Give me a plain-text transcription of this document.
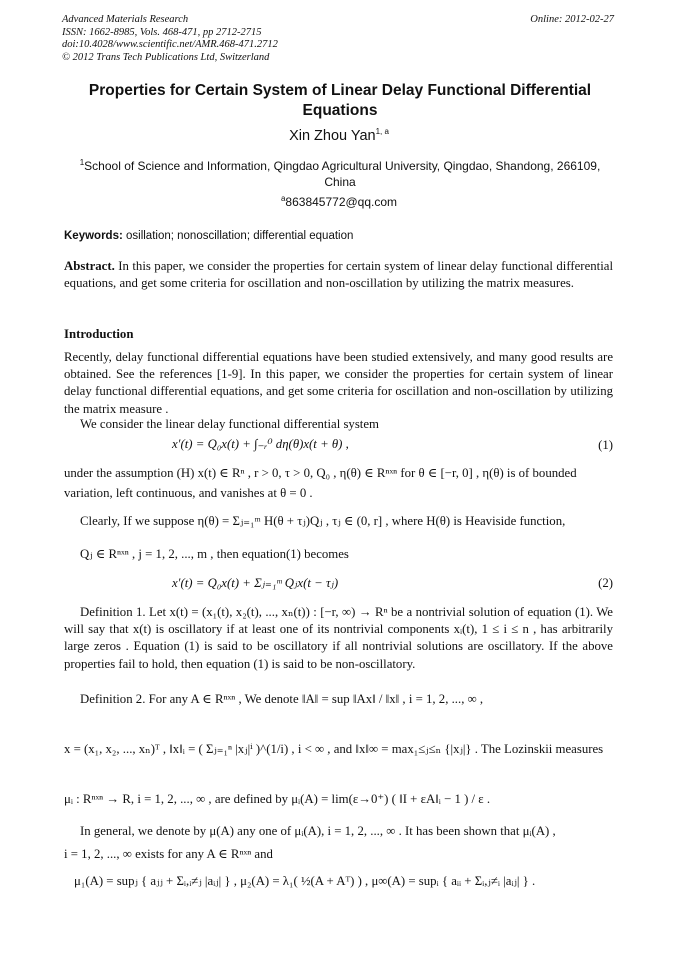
Advanced Materials Research
ISSN: 1662-8985, Vols. 468-471, pp 2712-2715
doi:10.4028/www.scientific.net/AMR.468-471.2712
© 2012 Trans Tech Publications Ltd, Switzerland
Online: 2012-02-27
Properties for Certain System of Linear Delay Functional Differential Equations
Xin Zhou Yan$^{1, a}$
$^1$School of Science and Information, Qingdao Agricultural University, Qingdao, Shandong, 266109, China
$^a$863845772@qq.com
Keywords: osillation; nonoscillation; differential equation
Abstract. In this paper, we consider the properties for certain system of linear delay functional differential equations, and get some criteria for oscillation and non-oscillation by utilizing the matrix measures.
Introduction
Recently, delay functional differential equations have been studied extensively, and many good results are obtained. See the references [1-9]. In this paper, we consider the properties for certain system of linear delay functional differential equations, and get some criteria for oscillation and non-oscillation by utilizing the matrix measure .
We consider the linear delay functional differential system
x′(t) = Q₀x(t) + ∫₋ᵣ⁰ dη(θ)x(t + θ) ,	(1)
under the assumption (H) x(t) ∈ Rⁿ , r > 0, τ > 0, Q₀ , η(θ) ∈ Rⁿˣⁿ for θ ∈ [−r, 0] , η(θ) is of bounded
variation, left continuous, and vanishes at θ = 0 .
Clearly, If we suppose η(θ) = Σⱼ₌₁ᵐ H(θ + τⱼ)Qⱼ , τⱼ ∈ (0, r] , where H(θ) is Heaviside function,
Qⱼ ∈ Rⁿˣⁿ , j = 1, 2, ..., m , then equation(1) becomes
x′(t) = Q₀x(t) + Σⱼ₌₁ᵐ Qⱼx(t − τⱼ)	(2)
Definition 1. Let x(t) = (x₁(t), x₂(t), ..., xₙ(t)) : [−r, ∞) → Rⁿ be a nontrivial solution of equation (1). We will say that x(t) is oscillatory if at least one of its nontrivial components xᵢ(t), 1 ≤ i ≤ n , has arbitrarily large zeros . Equation (1) is said to be oscillatory if all nontrivial solutions are oscillatory. If the above properties fail to hold, then equation (1) is said to be non-oscillatory.
Definition 2. For any A ∈ Rⁿˣⁿ , We denote ‖A‖ = sup ‖Ax‖ / ‖x‖ , i = 1, 2, ..., ∞ ,
x = (x₁, x₂, ..., xₙ)ᵀ , ‖x‖ᵢ = ( Σⱼ₌₁ⁿ |xⱼ|ⁱ )^(1/i) , i < ∞ , and ‖x‖∞ = max₁≤ⱼ≤ₙ {|xⱼ|} . The Lozinskii measures
μᵢ : Rⁿˣⁿ → R, i = 1, 2, ..., ∞ , are defined by μᵢ(A) = lim(ε→0⁺) ( ‖I + εA‖ᵢ − 1 ) / ε .
In general, we denote by μ(A) any one of μᵢ(A), i = 1, 2, ..., ∞ . It has been shown that μᵢ(A) ,
i = 1, 2, ..., ∞ exists for any A ∈ Rⁿˣⁿ and
μ₁(A) = supⱼ { aⱼⱼ + Σᵢ,ᵢ≠ⱼ |aᵢⱼ| } , μ₂(A) = λ₁( ½(A + Aᵀ) ) , μ∞(A) = supᵢ { aᵢᵢ + Σᵢ,ⱼ≠ᵢ |aᵢⱼ| } .
